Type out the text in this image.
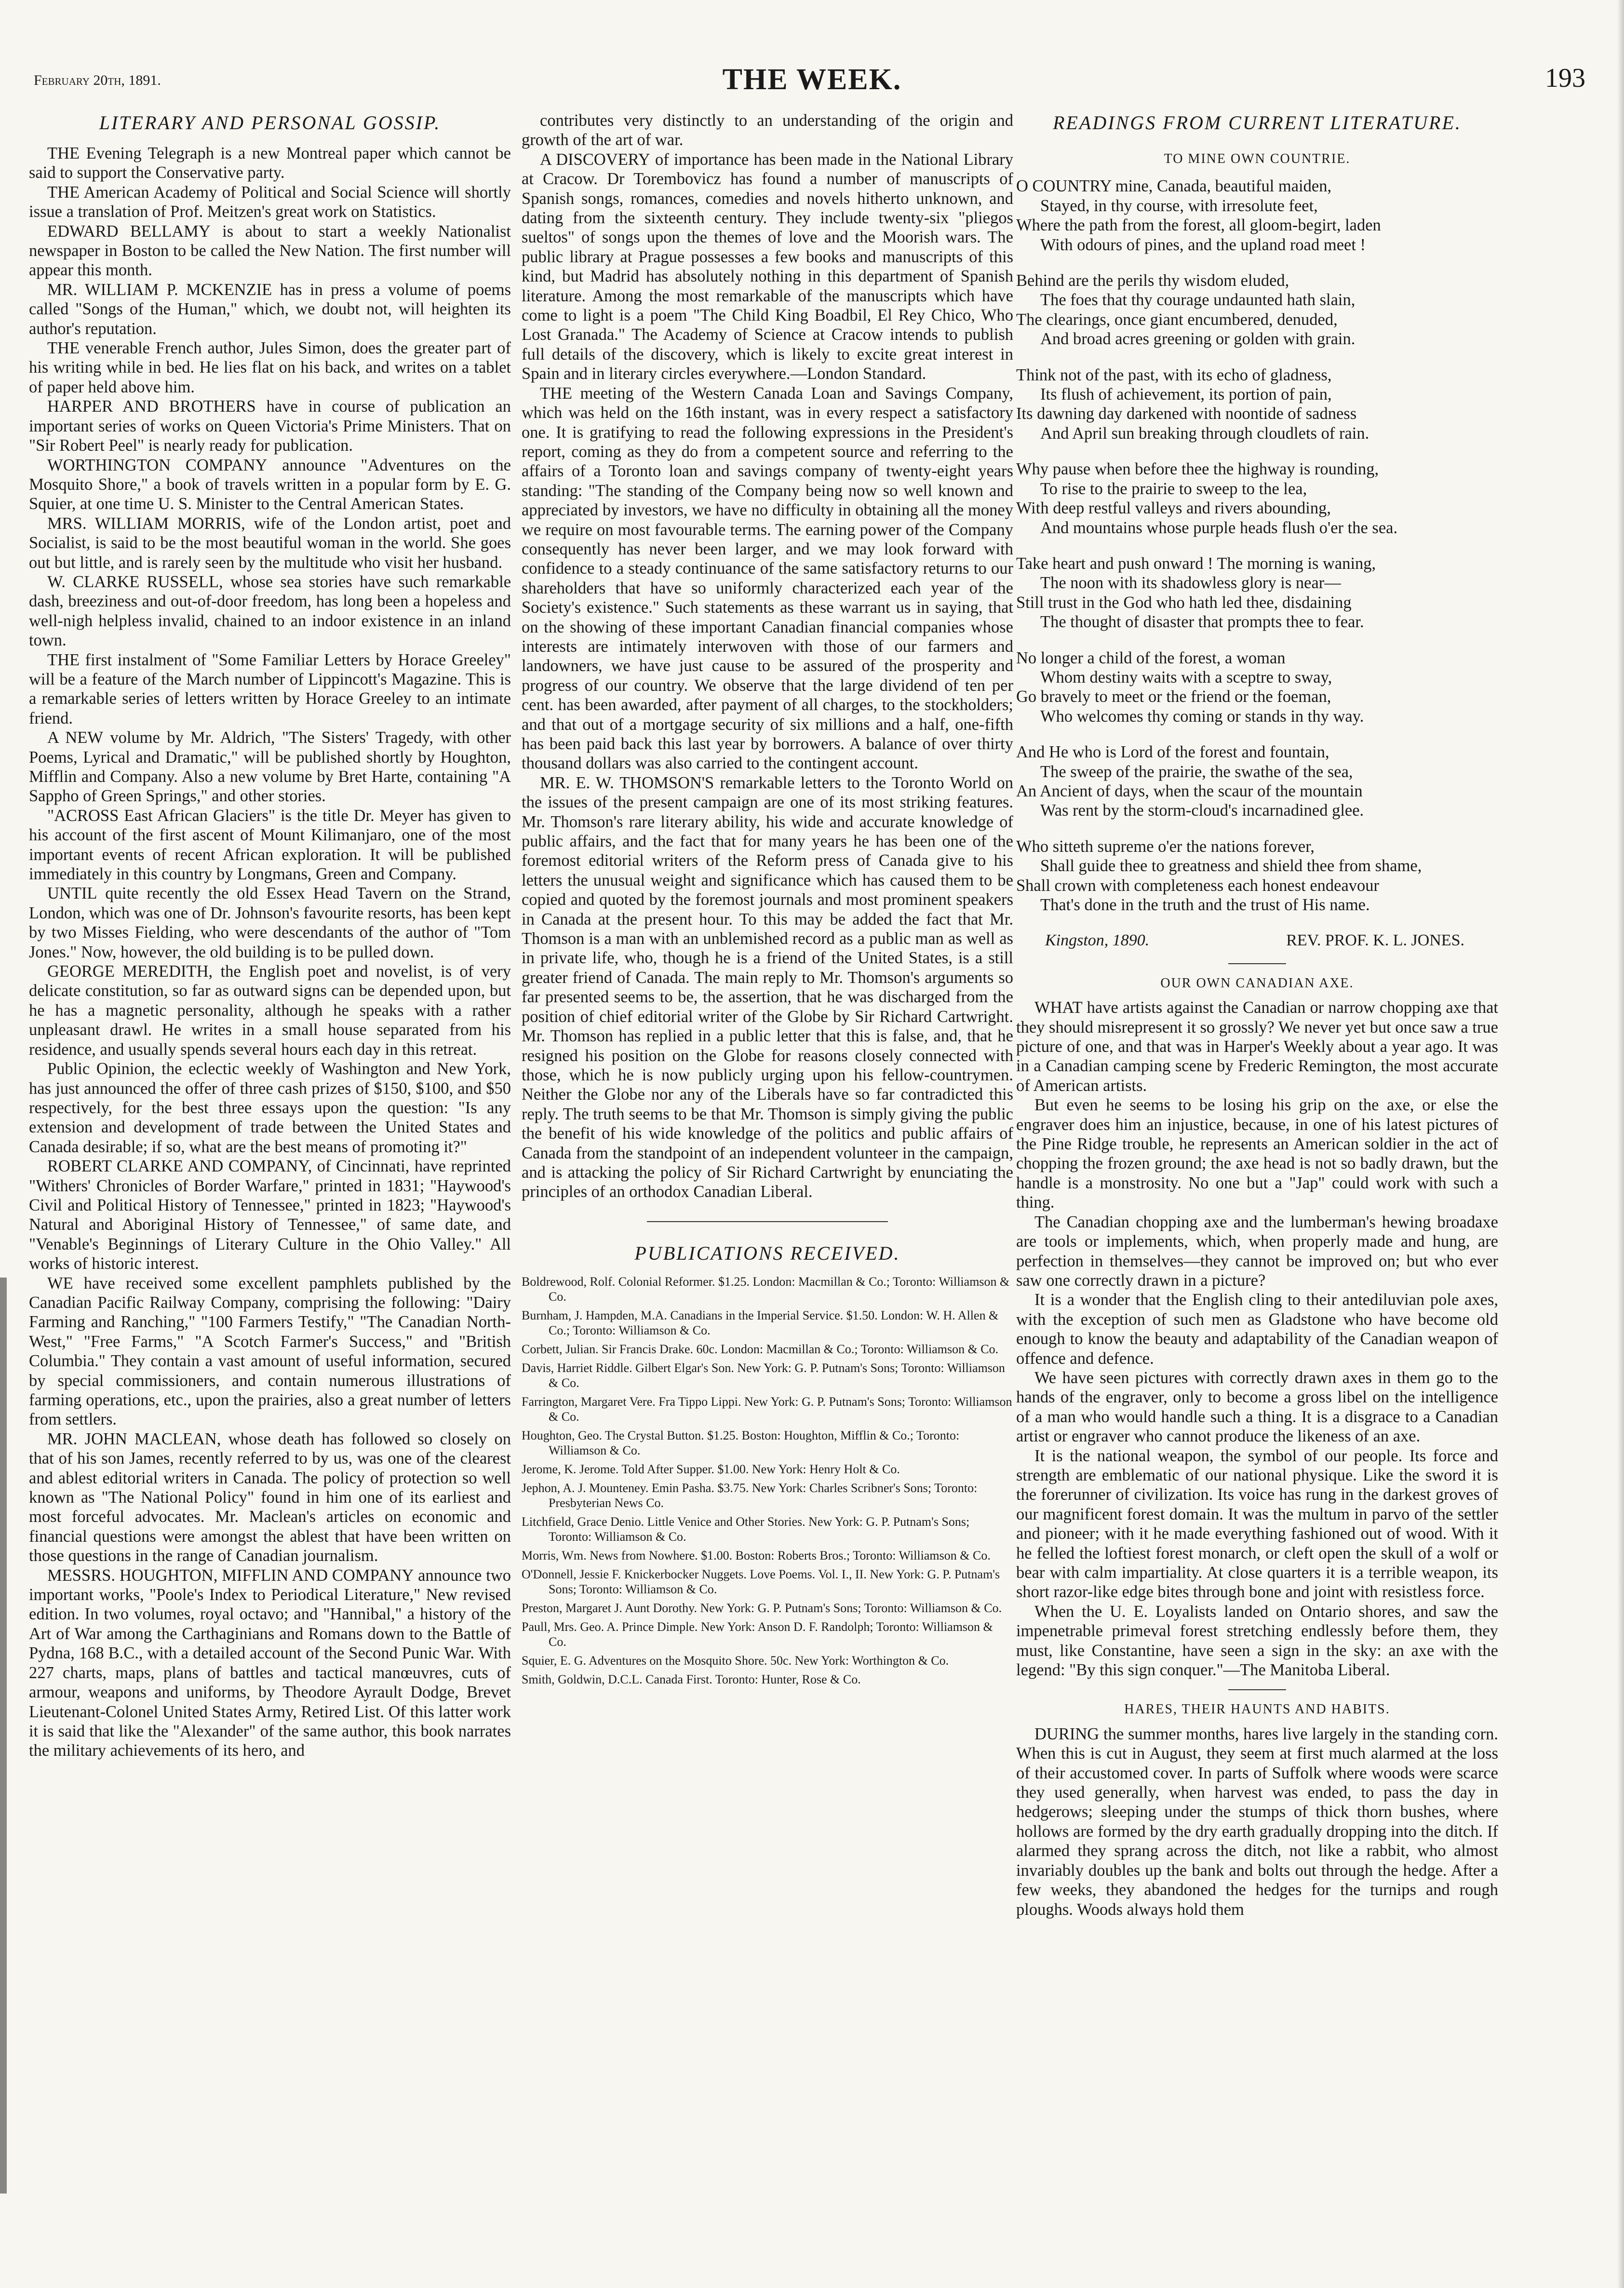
February 20th, 1891.	THE WEEK.	193
LITERARY AND PERSONAL GOSSIP.

THE Evening Telegraph is a new Montreal paper which cannot be said to support the Conservative party.

THE American Academy of Political and Social Science will shortly issue a translation of Prof. Meitzen's great work on Statistics.

EDWARD BELLAMY is about to start a weekly Nationalist newspaper in Boston to be called the New Nation. The first number will appear this month.

MR. WILLIAM P. MCKENZIE has in press a volume of poems called "Songs of the Human," which, we doubt not, will heighten its author's reputation.

THE venerable French author, Jules Simon, does the greater part of his writing while in bed. He lies flat on his back, and writes on a tablet of paper held above him.

HARPER AND BROTHERS have in course of publication an important series of works on Queen Victoria's Prime Ministers. That on "Sir Robert Peel" is nearly ready for publication.

WORTHINGTON COMPANY announce "Adventures on the Mosquito Shore," a book of travels written in a popular form by E. G. Squier, at one time U. S. Minister to the Central American States.

MRS. WILLIAM MORRIS, wife of the London artist, poet and Socialist, is said to be the most beautiful woman in the world. She goes out but little, and is rarely seen by the multitude who visit her husband.

W. CLARKE RUSSELL, whose sea stories have such remarkable dash, breeziness and out-of-door freedom, has long been a hopeless and well-nigh helpless invalid, chained to an indoor existence in an inland town.

THE first instalment of "Some Familiar Letters by Horace Greeley" will be a feature of the March number of Lippincott's Magazine. This is a remarkable series of letters written by Horace Greeley to an intimate friend.

A NEW volume by Mr. Aldrich, "The Sisters' Tragedy, with other Poems, Lyrical and Dramatic," will be published shortly by Houghton, Mifflin and Company. Also a new volume by Bret Harte, containing "A Sappho of Green Springs," and other stories.

"ACROSS East African Glaciers" is the title Dr. Meyer has given to his account of the first ascent of Mount Kilimanjaro, one of the most important events of recent African exploration. It will be published immediately in this country by Longmans, Green and Company.

UNTIL quite recently the old Essex Head Tavern on the Strand, London, which was one of Dr. Johnson's favourite resorts, has been kept by two Misses Fielding, who were descendants of the author of "Tom Jones." Now, however, the old building is to be pulled down.

GEORGE MEREDITH, the English poet and novelist, is of very delicate constitution, so far as outward signs can be depended upon, but he has a magnetic personality, although he speaks with a rather unpleasant drawl. He writes in a small house separated from his residence, and usually spends several hours each day in this retreat.

Public Opinion, the eclectic weekly of Washington and New York, has just announced the offer of three cash prizes of $150, $100, and $50 respectively, for the best three essays upon the question: "Is any extension and development of trade between the United States and Canada desirable; if so, what are the best means of promoting it?"

ROBERT CLARKE AND COMPANY, of Cincinnati, have reprinted "Withers' Chronicles of Border Warfare," printed in 1831; "Haywood's Civil and Political History of Tennessee," printed in 1823; "Haywood's Natural and Aboriginal History of Tennessee," of same date, and "Venable's Beginnings of Literary Culture in the Ohio Valley." All works of historic interest.

WE have received some excellent pamphlets published by the Canadian Pacific Railway Company, comprising the following: "Dairy Farming and Ranching," "100 Farmers Testify," "The Canadian North-West," "Free Farms," "A Scotch Farmer's Success," and "British Columbia." They contain a vast amount of useful information, secured by special commissioners, and contain numerous illustrations of farming operations, etc., upon the prairies, also a great number of letters from settlers.

MR. JOHN MACLEAN, whose death has followed so closely on that of his son James, recently referred to by us, was one of the clearest and ablest editorial writers in Canada. The policy of protection so well known as "The National Policy" found in him one of its earliest and most forceful advocates. Mr. Maclean's articles on economic and financial questions were amongst the ablest that have been written on those questions in the range of Canadian journalism.

MESSRS. HOUGHTON, MIFFLIN AND COMPANY announce two important works, "Poole's Index to Periodical Literature," New revised edition. In two volumes, royal octavo; and "Hannibal," a history of the Art of War among the Carthaginians and Romans down to the Battle of Pydna, 168 B.C., with a detailed account of the Second Punic War. With 227 charts, maps, plans of battles and tactical manœuvres, cuts of armour, weapons and uniforms, by Theodore Ayrault Dodge, Brevet Lieutenant-Colonel United States Army, Retired List. Of this latter work it is said that like the "Alexander" of the same author, this book narrates the military achievements of its hero, and

contributes very distinctly to an understanding of the origin and growth of the art of war.

A DISCOVERY of importance has been made in the National Library at Cracow. Dr Torembovicz has found a number of manuscripts of Spanish songs, romances, comedies and novels hitherto unknown, and dating from the sixteenth century. They include twenty-six "pliegos sueltos" of songs upon the themes of love and the Moorish wars. The public library at Prague possesses a few books and manuscripts of this kind, but Madrid has absolutely nothing in this department of Spanish literature. Among the most remarkable of the manuscripts which have come to light is a poem "The Child King Boadbil, El Rey Chico, Who Lost Granada." The Academy of Science at Cracow intends to publish full details of the discovery, which is likely to excite great interest in Spain and in literary circles everywhere.—London Standard.

THE meeting of the Western Canada Loan and Savings Company, which was held on the 16th instant, was in every respect a satisfactory one. It is gratifying to read the following expressions in the President's report, coming as they do from a competent source and referring to the affairs of a Toronto loan and savings company of twenty-eight years standing: "The standing of the Company being now so well known and appreciated by investors, we have no difficulty in obtaining all the money we require on most favourable terms. The earning power of the Company consequently has never been larger, and we may look forward with confidence to a steady continuance of the same satisfactory returns to our shareholders that have so uniformly characterized each year of the Society's existence." Such statements as these warrant us in saying, that on the showing of these important Canadian financial companies whose interests are intimately interwoven with those of our farmers and landowners, we have just cause to be assured of the prosperity and progress of our country. We observe that the large dividend of ten per cent. has been awarded, after payment of all charges, to the stockholders; and that out of a mortgage security of six millions and a half, one-fifth has been paid back this last year by borrowers. A balance of over thirty thousand dollars was also carried to the contingent account.

MR. E. W. THOMSON'S remarkable letters to the Toronto World on the issues of the present campaign are one of its most striking features. Mr. Thomson's rare literary ability, his wide and accurate knowledge of public affairs, and the fact that for many years he has been one of the foremost editorial writers of the Reform press of Canada give to his letters the unusual weight and significance which has caused them to be copied and quoted by the foremost journals and most prominent speakers in Canada at the present hour. To this may be added the fact that Mr. Thomson is a man with an unblemished record as a public man as well as in private life, who, though he is a friend of the United States, is a still greater friend of Canada. The main reply to Mr. Thomson's arguments so far presented seems to be, the assertion, that he was discharged from the position of chief editorial writer of the Globe by Sir Richard Cartwright. Mr. Thomson has replied in a public letter that this is false, and, that he resigned his position on the Globe for reasons closely connected with those, which he is now publicly urging upon his fellow-countrymen. Neither the Globe nor any of the Liberals have so far contradicted this reply. The truth seems to be that Mr. Thomson is simply giving the public the benefit of his wide knowledge of the politics and public affairs of Canada from the standpoint of an independent volunteer in the campaign, and is attacking the policy of Sir Richard Cartwright by enunciating the principles of an orthodox Canadian Liberal.

PUBLICATIONS RECEIVED.
Boldrewood, Rolf. Colonial Reformer. $1.25. London: Macmillan & Co.; Toronto: Williamson & Co.
Burnham, J. Hampden, M.A. Canadians in the Imperial Service. $1.50. London: W. H. Allen & Co.; Toronto: Williamson & Co.
Corbett, Julian. Sir Francis Drake. 60c. London: Macmillan & Co.; Toronto: Williamson & Co.
Davis, Harriet Riddle. Gilbert Elgar's Son. New York: G. P. Putnam's Sons; Toronto: Williamson & Co.
Farrington, Margaret Vere. Fra Tippo Lippi. New York: G. P. Putnam's Sons; Toronto: Williamson & Co.
Houghton, Geo. The Crystal Button. $1.25. Boston: Houghton, Mifflin & Co.; Toronto: Williamson & Co.
Jerome, K. Jerome. Told After Supper. $1.00. New York: Henry Holt & Co.
Jephon, A. J. Mounteney. Emin Pasha. $3.75. New York: Charles Scribner's Sons; Toronto: Presbyterian News Co.
Litchfield, Grace Denio. Little Venice and Other Stories. New York: G. P. Putnam's Sons; Toronto: Williamson & Co.
Morris, Wm. News from Nowhere. $1.00. Boston: Roberts Bros.; Toronto: Williamson & Co.
O'Donnell, Jessie F. Knickerbocker Nuggets. Love Poems. Vol. I., II. New York: G. P. Putnam's Sons; Toronto: Williamson & Co.
Preston, Margaret J. Aunt Dorothy. New York: G. P. Putnam's Sons; Toronto: Williamson & Co.
Paull, Mrs. Geo. A. Prince Dimple. New York: Anson D. F. Randolph; Toronto: Williamson & Co.
Squier, E. G. Adventures on the Mosquito Shore. 50c. New York: Worthington & Co.
Smith, Goldwin, D.C.L. Canada First. Toronto: Hunter, Rose & Co.
READINGS FROM CURRENT LITERATURE.
TO MINE OWN COUNTRIE.
O COUNTRY mine, Canada, beautiful maiden,
Stayed, in thy course, with irresolute feet,
Where the path from the forest, all gloom-begirt, laden
With odours of pines, and the upland road meet !
Behind are the perils thy wisdom eluded,
The foes that thy courage undaunted hath slain,
The clearings, once giant encumbered, denuded,
And broad acres greening or golden with grain.
Think not of the past, with its echo of gladness,
Its flush of achievement, its portion of pain,
Its dawning day darkened with noontide of sadness
And April sun breaking through cloudlets of rain.
Why pause when before thee the highway is rounding,
To rise to the prairie to sweep to the lea,
With deep restful valleys and rivers abounding,
And mountains whose purple heads flush o'er the sea.
Take heart and push onward ! The morning is waning,
The noon with its shadowless glory is near—
Still trust in the God who hath led thee, disdaining
The thought of disaster that prompts thee to fear.
No longer a child of the forest, a woman
Whom destiny waits with a sceptre to sway,
Go bravely to meet or the friend or the foeman,
Who welcomes thy coming or stands in thy way.
And He who is Lord of the forest and fountain,
The sweep of the prairie, the swathe of the sea,
An Ancient of days, when the scaur of the mountain
Was rent by the storm-cloud's incarnadined glee.
Who sitteth supreme o'er the nations forever,
Shall guide thee to greatness and shield thee from shame,
Shall crown with completeness each honest endeavour
That's done in the truth and the trust of His name.
Kingston, 1890.	REV. PROF. K. L. JONES.
OUR OWN CANADIAN AXE.

WHAT have artists against the Canadian or narrow chopping axe that they should misrepresent it so grossly? We never yet but once saw a true picture of one, and that was in Harper's Weekly about a year ago. It was in a Canadian camping scene by Frederic Remington, the most accurate of American artists.

But even he seems to be losing his grip on the axe, or else the engraver does him an injustice, because, in one of his latest pictures of the Pine Ridge trouble, he represents an American soldier in the act of chopping the frozen ground; the axe head is not so badly drawn, but the handle is a monstrosity. No one but a "Jap" could work with such a thing.

The Canadian chopping axe and the lumberman's hewing broadaxe are tools or implements, which, when properly made and hung, are perfection in themselves—they cannot be improved on; but who ever saw one correctly drawn in a picture?

It is a wonder that the English cling to their antediluvian pole axes, with the exception of such men as Gladstone who have become old enough to know the beauty and adaptability of the Canadian weapon of offence and defence.

We have seen pictures with correctly drawn axes in them go to the hands of the engraver, only to become a gross libel on the intelligence of a man who would handle such a thing. It is a disgrace to a Canadian artist or engraver who cannot produce the likeness of an axe.

It is the national weapon, the symbol of our people. Its force and strength are emblematic of our national physique. Like the sword it is the forerunner of civilization. Its voice has rung in the darkest groves of our magnificent forest domain. It was the multum in parvo of the settler and pioneer; with it he made everything fashioned out of wood. With it he felled the loftiest forest monarch, or cleft open the skull of a wolf or bear with calm impartiality. At close quarters it is a terrible weapon, its short razor-like edge bites through bone and joint with resistless force.

When the U. E. Loyalists landed on Ontario shores, and saw the impenetrable primeval forest stretching endlessly before them, they must, like Constantine, have seen a sign in the sky: an axe with the legend: "By this sign conquer."—The Manitoba Liberal.

HARES, THEIR HAUNTS AND HABITS.

DURING the summer months, hares live largely in the standing corn. When this is cut in August, they seem at first much alarmed at the loss of their accustomed cover. In parts of Suffolk where woods were scarce they used generally, when harvest was ended, to pass the day in hedgerows; sleeping under the stumps of thick thorn bushes, where hollows are formed by the dry earth gradually dropping into the ditch. If alarmed they sprang across the ditch, not like a rabbit, who almost invariably doubles up the bank and bolts out through the hedge. After a few weeks, they abandoned the hedges for the turnips and rough ploughs. Woods always hold them
